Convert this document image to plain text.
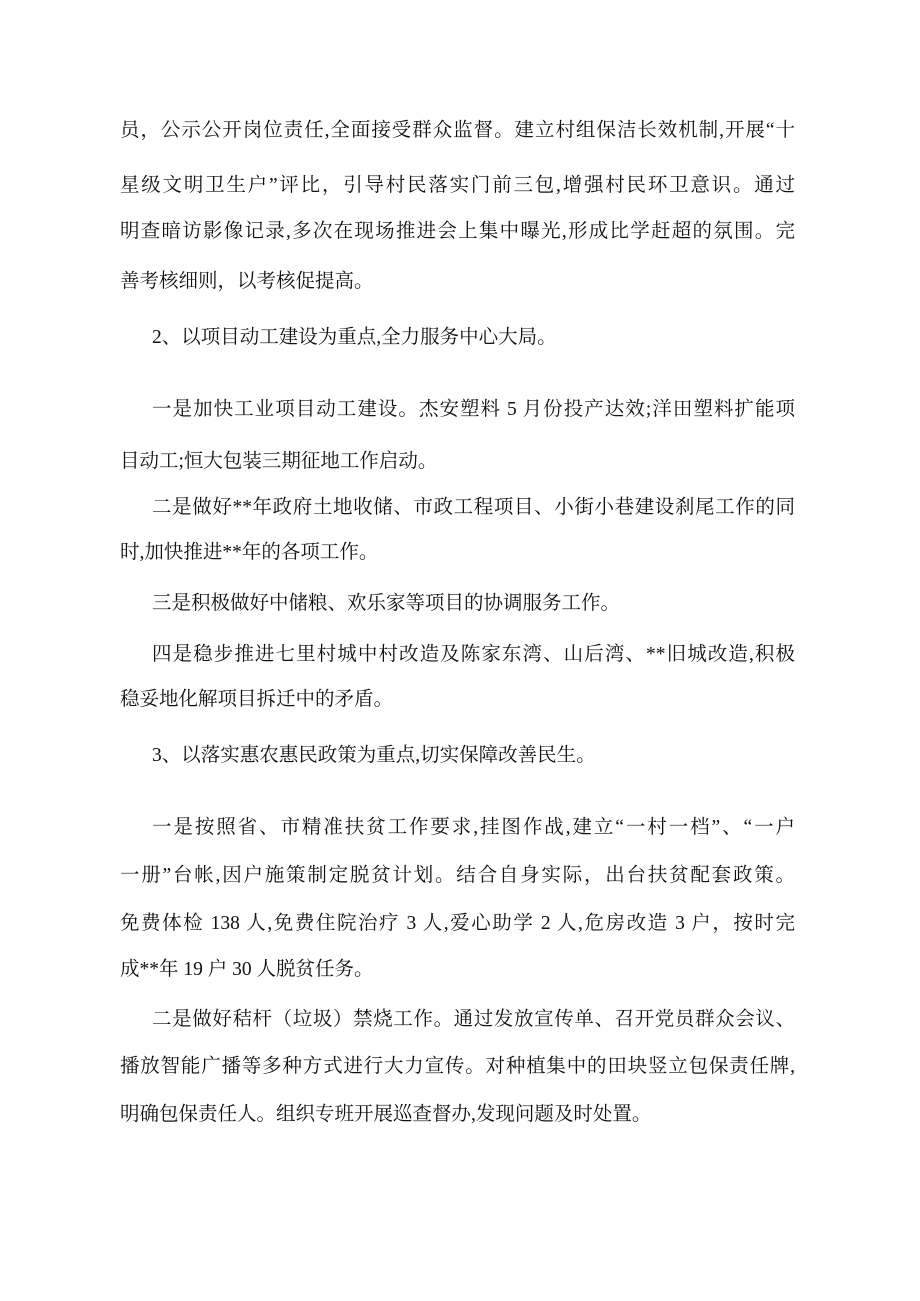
员，公示公开岗位责任,全面接受群众监督。建立村组保洁长效机制,开展“十
星级文明卫生户”评比，引导村民落实门前三包,增强村民环卫意识。通过
明查暗访影像记录,多次在现场推进会上集中曝光,形成比学赶超的氛围。完
善考核细则，以考核促提高。
2、以项目动工建设为重点,全力服务中心大局。
一是加快工业项目动工建设。杰安塑料 5 月份投产达效;洋田塑料扩能项
目动工;恒大包装三期征地工作启动。
二是做好**年政府土地收储、市政工程项目、小街小巷建设刹尾工作的同
时,加快推进**年的各项工作。
三是积极做好中储粮、欢乐家等项目的协调服务工作。
四是稳步推进七里村城中村改造及陈家东湾、山后湾、**旧城改造,积极
稳妥地化解项目拆迁中的矛盾。
3、以落实惠农惠民政策为重点,切实保障改善民生。
一是按照省、市精准扶贫工作要求,挂图作战,建立“一村一档”、“一户
一册”台帐,因户施策制定脱贫计划。结合自身实际，出台扶贫配套政策。
免费体检 138 人,免费住院治疗 3 人,爱心助学 2 人,危房改造 3 户，按时完
成**年 19 户 30 人脱贫任务。
二是做好秸杆（垃圾）禁烧工作。通过发放宣传单、召开党员群众会议、
播放智能广播等多种方式进行大力宣传。对种植集中的田块竖立包保责任牌,
明确包保责任人。组织专班开展巡查督办,发现问题及时处置。
